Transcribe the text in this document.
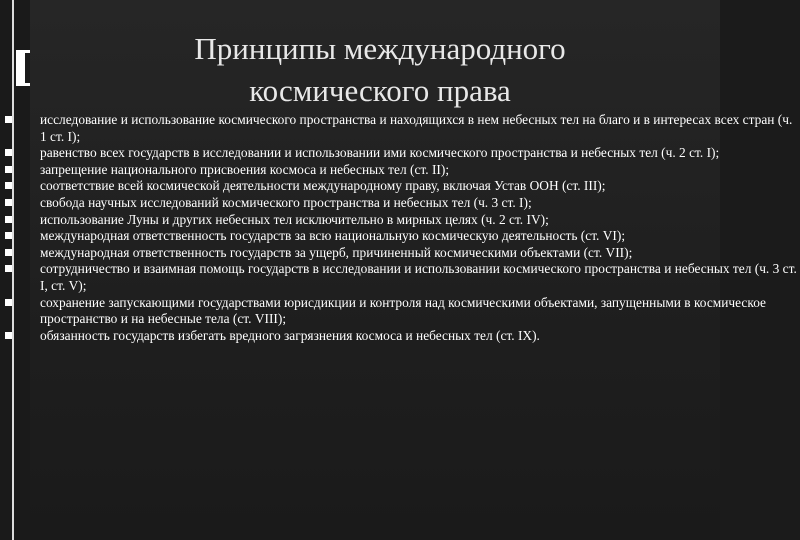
Принципы международного
космического права
исследование и использование космического пространства и находящихся в нем небесных тел на благо и в интересах всех стран (ч. 1 ст. I);
равенство всех государств в исследовании и использовании ими космического пространства и небесных тел (ч. 2 ст. I);
запрещение национального присвоения космоса и небесных тел (ст. II);
соответствие всей космической деятельности международному праву, включая Устав ООН (ст. III);
свобода научных исследований космического пространства и небесных тел (ч. 3 ст. I);
использование Луны и других небесных тел исключительно в мирных целях (ч. 2 ст. IV);
международная ответственность государств за всю национальную космическую деятельность (ст. VI);
международная ответственность государств за ущерб, причиненный космическими объектами (ст. VII);
сотрудничество и взаимная помощь государств в исследовании и использовании космического пространства и небесных тел (ч. 3 ст. I, ст. V);
сохранение запускающими государствами юрисдикции и контроля над космическими объектами, запущенными в космическое пространство и на небесные тела (ст. VIII);
обязанность государств избегать вредного загрязнения космоса и небесных тел (ст. IX).
